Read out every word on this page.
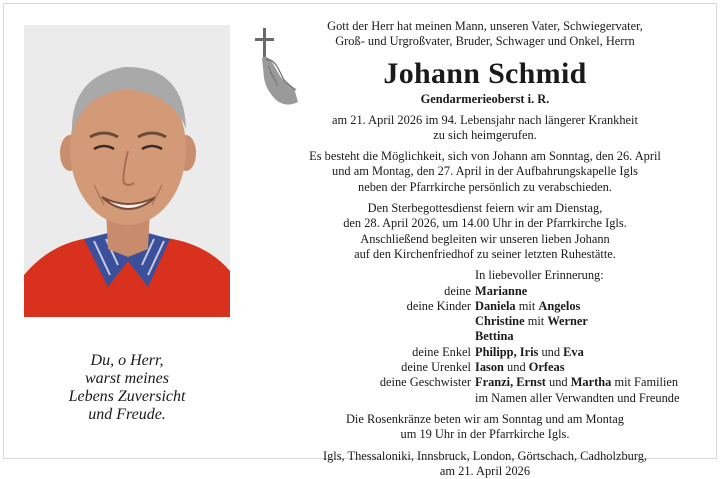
Du, o Herr,
warst meines
Lebens Zuversicht
und Freude.
Gott der Herr hat meinen Mann, unseren Vater, Schwiegervater,
Groß- und Urgroßvater, Bruder, Schwager und Onkel, Herrn
Johann Schmid
Gendarmerieoberst i. R.
am 21. April 2026 im 94. Lebensjahr nach längerer Krankheit
zu sich heimgerufen.
Es besteht die Möglichkeit, sich von Johann am Sonntag, den 26. April
und am Montag, den 27. April in der Aufbahrungskapelle Igls
neben der Pfarrkirche persönlich zu verabschieden.
Den Sterbegottesdienst feiern wir am Dienstag,
den 28. April 2026, um 14.00 Uhr in der Pfarrkirche Igls.
Anschließend begleiten wir unseren lieben Johann
auf den Kirchenfriedhof zu seiner letzten Ruhestätte.
In liebevoller Erinnerung:
deine Marianne
deine Kinder Daniela mit Angelos
Christine mit Werner
Bettina
deine Enkel Philipp, Iris und Eva
deine Urenkel Iason und Orfeas
deine Geschwister Franzi, Ernst und Martha mit Familien
im Namen aller Verwandten und Freunde
Die Rosenkränze beten wir am Sonntag und am Montag
um 19 Uhr in der Pfarrkirche Igls.
Igls, Thessaloniki, Innsbruck, London, Görtschach, Cadholzburg,
am 21. April 2026
